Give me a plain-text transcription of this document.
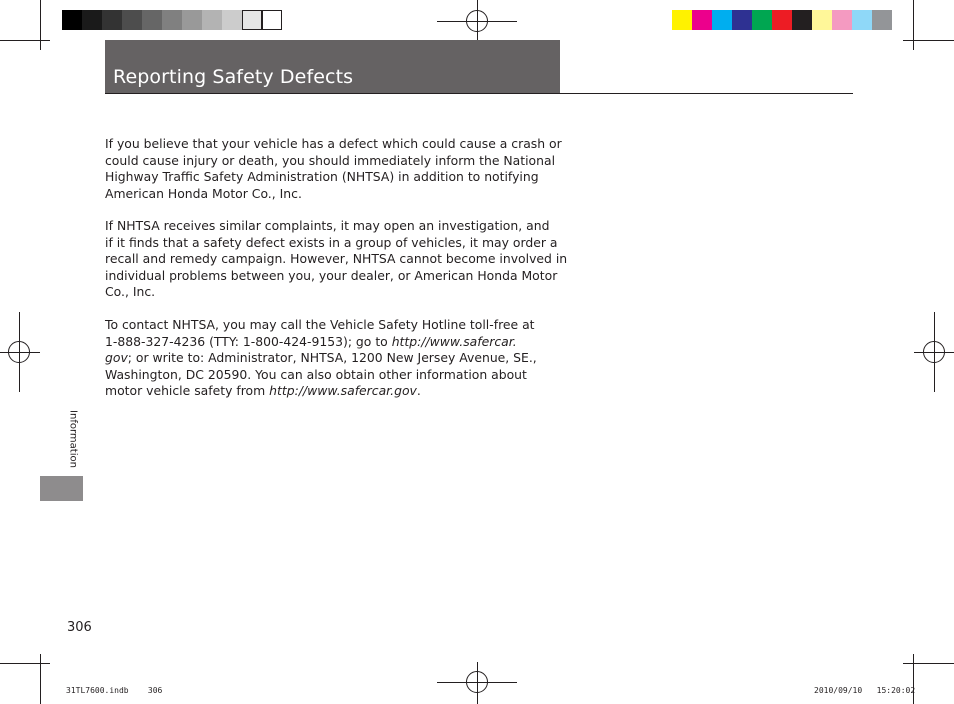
Reporting Safety Defects

If you believe that your vehicle has a defect which could cause a crash or
could cause injury or death, you should immediately inform the National
Highway Traffic Safety Administration (NHTSA) in addition to notifying
American Honda Motor Co., Inc.

If NHTSA receives similar complaints, it may open an investigation, and
if it finds that a safety defect exists in a group of vehicles, it may order a
recall and remedy campaign. However, NHTSA cannot become involved in
individual problems between you, your dealer, or American Honda Motor
Co., Inc.

To contact NHTSA, you may call the Vehicle Safety Hotline toll-free at
1-888-327-4236 (TTY: 1-800-424-9153); go to http://www.safercar.
gov; or write to: Administrator, NHTSA, 1200 New Jersey Avenue, SE.,
Washington, DC 20590. You can also obtain other information about
motor vehicle safety from http://www.safercar.gov.

Information
306
31TL7600.indb 306	2010/09/10 15:20:02
